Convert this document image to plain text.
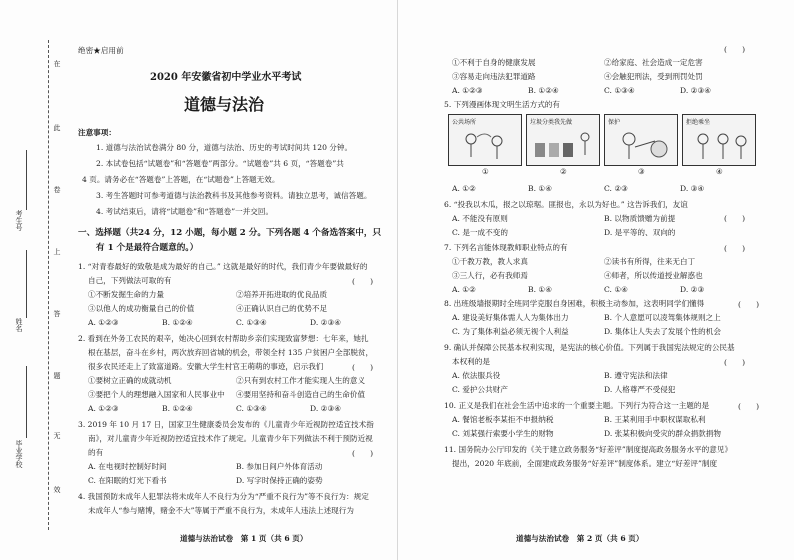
在
此
卷
上
答
题
无
效
考生号
姓名
毕业学校
绝密★启用前
2020 年安徽省初中学业水平考试
道德与法治
注意事项：
1. 道德与法治试卷满分 80 分，道德与法治、历史的考试时间共 120 分钟。
2. 本试卷包括“试题卷”和“答题卷”两部分。“试题卷”共 6 页，“答题卷”共
4 页。请务必在“答题卷”上答题，在“试题卷”上答题无效。
3. 考生答题时可参考道德与法治教科书及其他参考资料。请独立思考，诚信答题。
4. 考试结束后，请将“试题卷”和“答题卷”一并交回。
一、选择题（共24 分，12 小题，每小题 2 分。下列各题 4 个备选答案中，只
有 1 个是最符合题意的。）
1. “对青春最好的致敬是成为最好的自己。” 这就是最好的时代，我们青少年要做最好的
自己，下列做法可取的有	(　　)
①不断发掘生命的力量	②培养开拓进取的优良品质
③以他人的成功衡量自己的价值	④正确认识自己的优势不足
A. ①②③	B. ①②④	C. ①③④	D. ②③④
2. 看到在外务工农民的艰辛，她决心回到农村帮助乡亲们实现致富梦想：七年来，她扎
根在基层，奋斗在乡村，两次放弃回省城的机会，带领全村 135 户贫困户全部脱贫，
很多农民还走上了致富道路。安徽大学生村官王萌萌的事迹，启示我们	(　　)
①要树立正确的成就动机	②只有到农村工作才能实现人生的意义
③要把个人的理想融入国家和人民事业中 ④要用坚持和奋斗创造自己的生命价值
A. ①②③	B. ①②④	C. ①③④	D. ②③④
3. 2019 年 10 月 17 日，国家卫生健康委员会发布的《儿童青少年近视防控适宜技术指
南》，对儿童青少年近视防控适宜技术作了规定。儿童青少年下列做法不利于预防近视
的有	(　　)
A. 在电视时控制好时间	B. 参加日间户外体育活动
C. 在阳眠的灯光下看书	D. 写字时保持正确的姿势
4. 我国预防未成年人犯罪法将未成年人不良行为分为“严重不良行为”等不良行为：规定
未成年人“参与赌博，赌金不大”等属于严重不良行为，未成年人违法上述现行为
道德与法治试卷　第 1 页（共 6 页）
(　　)
①不利于自身的健康发展	②给家庭、社会造成一定危害
③容易走向违法犯罪道路	④会触犯刑法，受到刑罚处罚
A. ①②③	B. ①②④	C. ①③④	D. ②③④
5. 下列漫画体现文明生活方式的有
公共场所	垃圾分类我先做	保护	拒绝乘坐
①	②	③	④
A. ①②	B. ①④	C. ②③	D. ③④
6. “投我以木瓜，报之以琼琚。匪报也，永以为好也。” 这告诉我们，友谊
(　　)
A. 不能没有原则	B. 以物质馈赠为前提
C. 是一成不变的	D. 是平等的、双向的
7. 下列名言能体现教师职业特点的有	(　　)
①千教万教，教人求真	②读书有所得，往来无白丁
③三人行，必有我师焉	④师者，所以传道授业解惑也
A. ①②	B. ①④	C. ①④	D. ②③
8. 出班级墙报期时全班同学克服自身困难，积极主动参加，这表明同学们懂得	(　　)
A. 建设美好集体需人人为集体出力	B. 个人意愿可以凌驾集体规则之上
C. 为了集体利益必须无视个人利益	D. 集体让人失去了发展个性的机会
9. 确认并保障公民基本权利实现，是宪法的核心价值。下列属于我国宪法规定的公民基
本权利的是	(　　)
A. 依法服兵役	B. 遵守宪法和法律
C. 爱护公共财产	D. 人格尊严不受侵犯
10. 正义是我们在社会生活中追求的一个重要主题。下列行为符合这一主题的是	(　　)
A. 餐馆老板李某拒不申报纳税	B. 王某利用手中职权谋取私利
C. 刘某强行索要小学生的财物	D. 张某积极向受灾的群众捐款捐物
11. 国务院办公厅印发的《关于建立政务服务“好差评”制度提高政务服务水平的意见》
提出，2020 年底前，全面建成政务服务“好差评”制度体系。建立“好差评”制度
道德与法治试卷　第 2 页（共 6 页）
